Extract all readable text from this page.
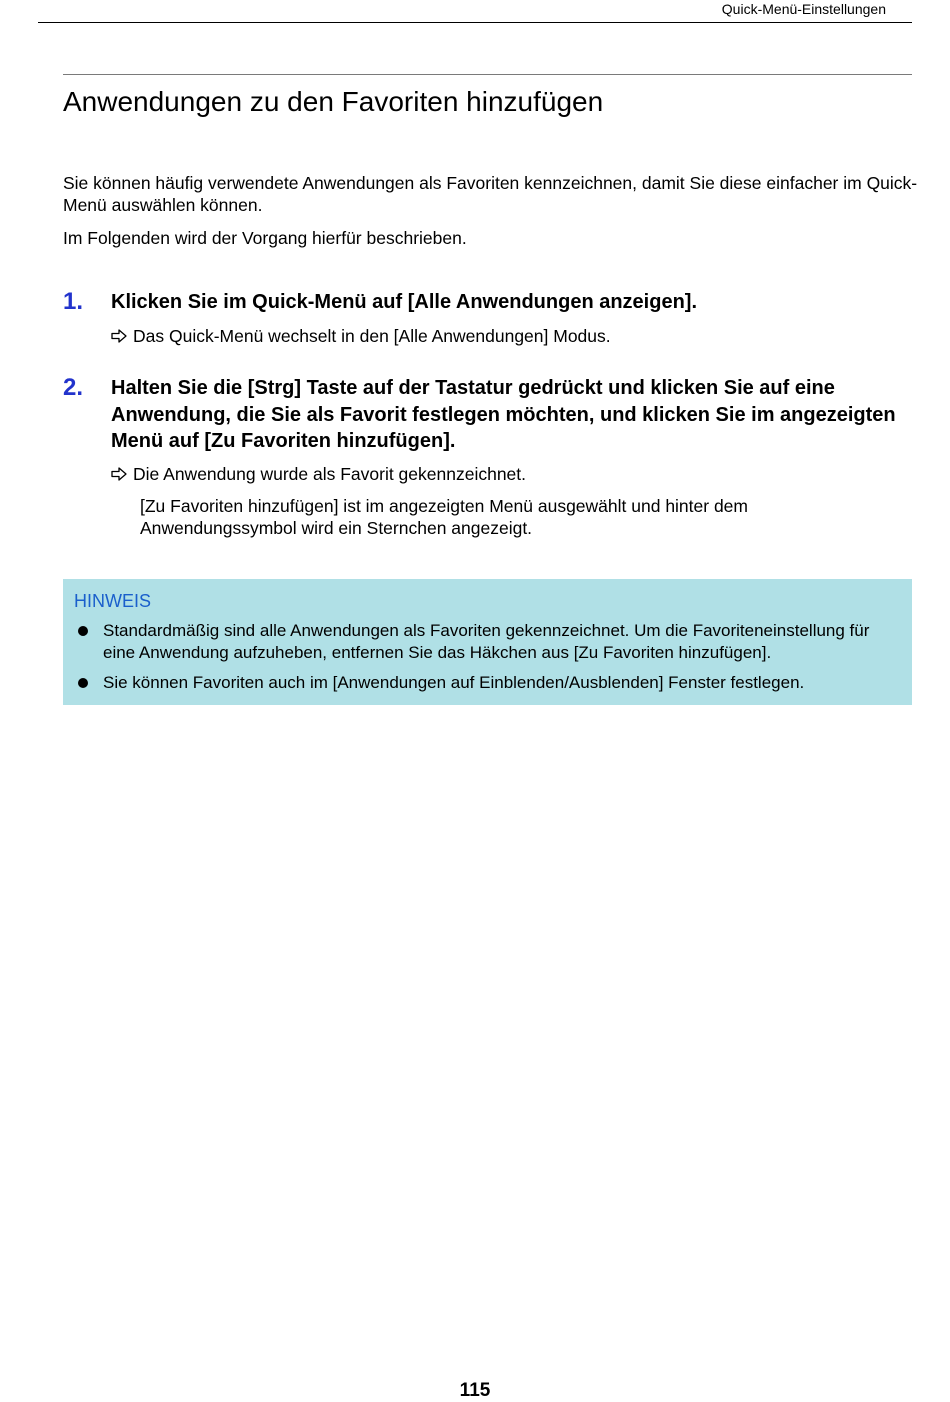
Quick-Menü-Einstellungen
Anwendungen zu den Favoriten hinzufügen

Sie können häufig verwendete Anwendungen als Favoriten kennzeichnen, damit Sie diese einfacher im Quick-Menü auswählen können.

Im Folgenden wird der Vorgang hierfür beschrieben.

1. Klicken Sie im Quick-Menü auf [Alle Anwendungen anzeigen].

Das Quick-Menü wechselt in den [Alle Anwendungen] Modus.
2. Halten Sie die [Strg] Taste auf der Tastatur gedrückt und klicken Sie auf eine Anwendung, die Sie als Favorit festlegen möchten, und klicken Sie im angezeigten Menü auf [Zu Favoriten hinzufügen].

Die Anwendung wurde als Favorit gekennzeichnet.

[Zu Favoriten hinzufügen] ist im angezeigten Menü ausgewählt und hinter dem Anwendungssymbol wird ein Sternchen angezeigt.

HINWEIS
Standardmäßig sind alle Anwendungen als Favoriten gekennzeichnet. Um die Favoriteneinstellung für eine Anwendung aufzuheben, entfernen Sie das Häkchen aus [Zu Favoriten hinzufügen].
Sie können Favoriten auch im [Anwendungen auf Einblenden/Ausblenden] Fenster festlegen.
115
